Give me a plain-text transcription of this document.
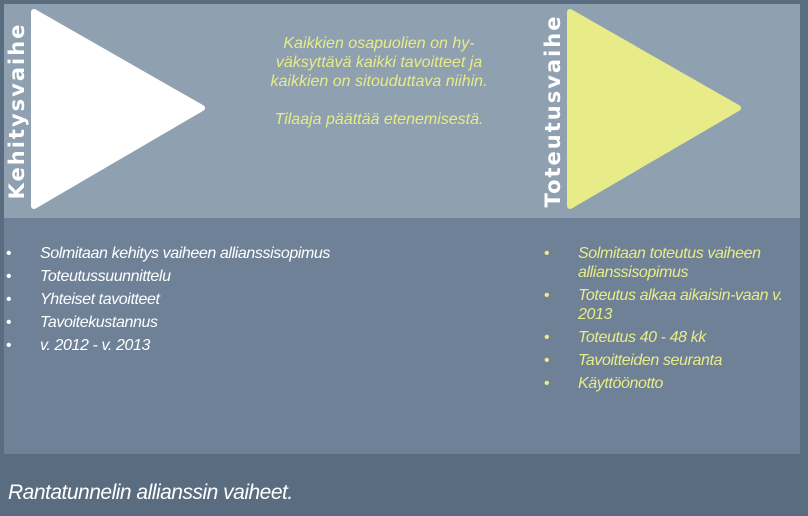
Kehitysvaihe	Toteutusvaihe

Kaikkien osapuolien on hy-väksyttävä kaikki tavoitteet ja kaikkien on sitouduttava niihin.

Tilaaja päättää etenemisestä.

• Solmitaan kehitys vaiheen allianssisopimus
• Toteutussuunnittelu
• Yhteiset tavoitteet
• Tavoitekustannus
• v. 2012 - v. 2013
• Solmitaan toteutus vaiheen allianssisopimus
• Toteutus alkaa aikaisin-vaan v. 2013
• Toteutus 40 - 48 kk
• Tavoitteiden seuranta
• Käyttöönotto
Rantatunnelin allianssin vaiheet.
